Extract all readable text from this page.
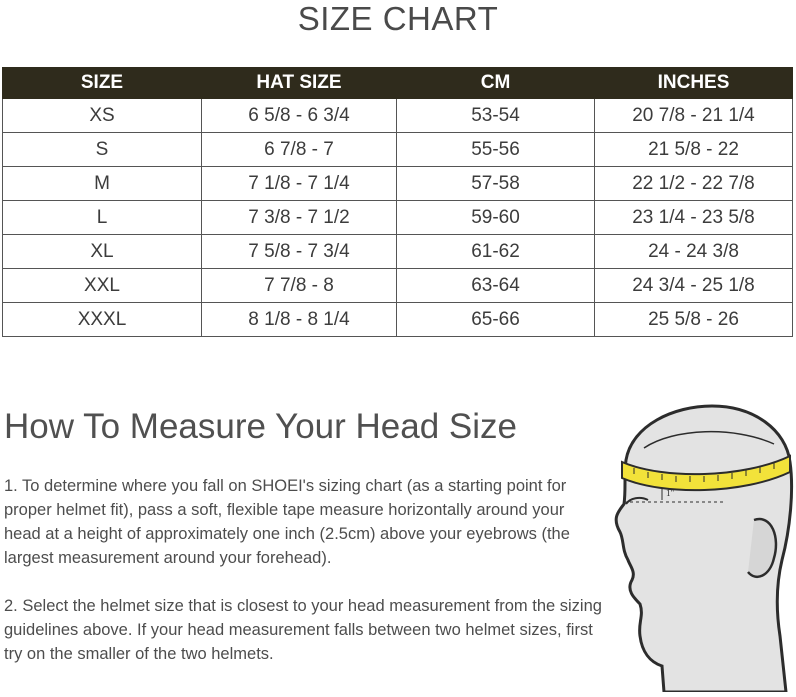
SIZE CHART
SIZE	HAT SIZE	CM	INCHES
XS	6 5/8 - 6 3/4	53-54	20 7/8 - 21 1/4
S	6 7/8 - 7	55-56	21 5/8 - 22
M	7 1/8 - 7 1/4	57-58	22 1/2 - 22 7/8
L	7 3/8 - 7 1/2	59-60	23 1/4 - 23 5/8
XL	7 5/8 - 7 3/4	61-62	24 - 24 3/8
XXL	7 7/8 - 8	63-64	24 3/4 - 25 1/8
XXXL	8 1/8 - 8 1/4	65-66	25 5/8 - 26
How To Measure Your Head Size

1. To determine where you fall on SHOEI's sizing chart (as a starting point for proper helmet fit), pass a soft, flexible tape measure horizontally around your head at a height of approximately one inch (2.5cm) above your eyebrows (the largest measurement around your forehead).

2. Select the helmet size that is closest to your head measurement from the sizing guidelines above. If your head measurement falls between two helmet sizes, first try on the smaller of the two helmets.

1"
